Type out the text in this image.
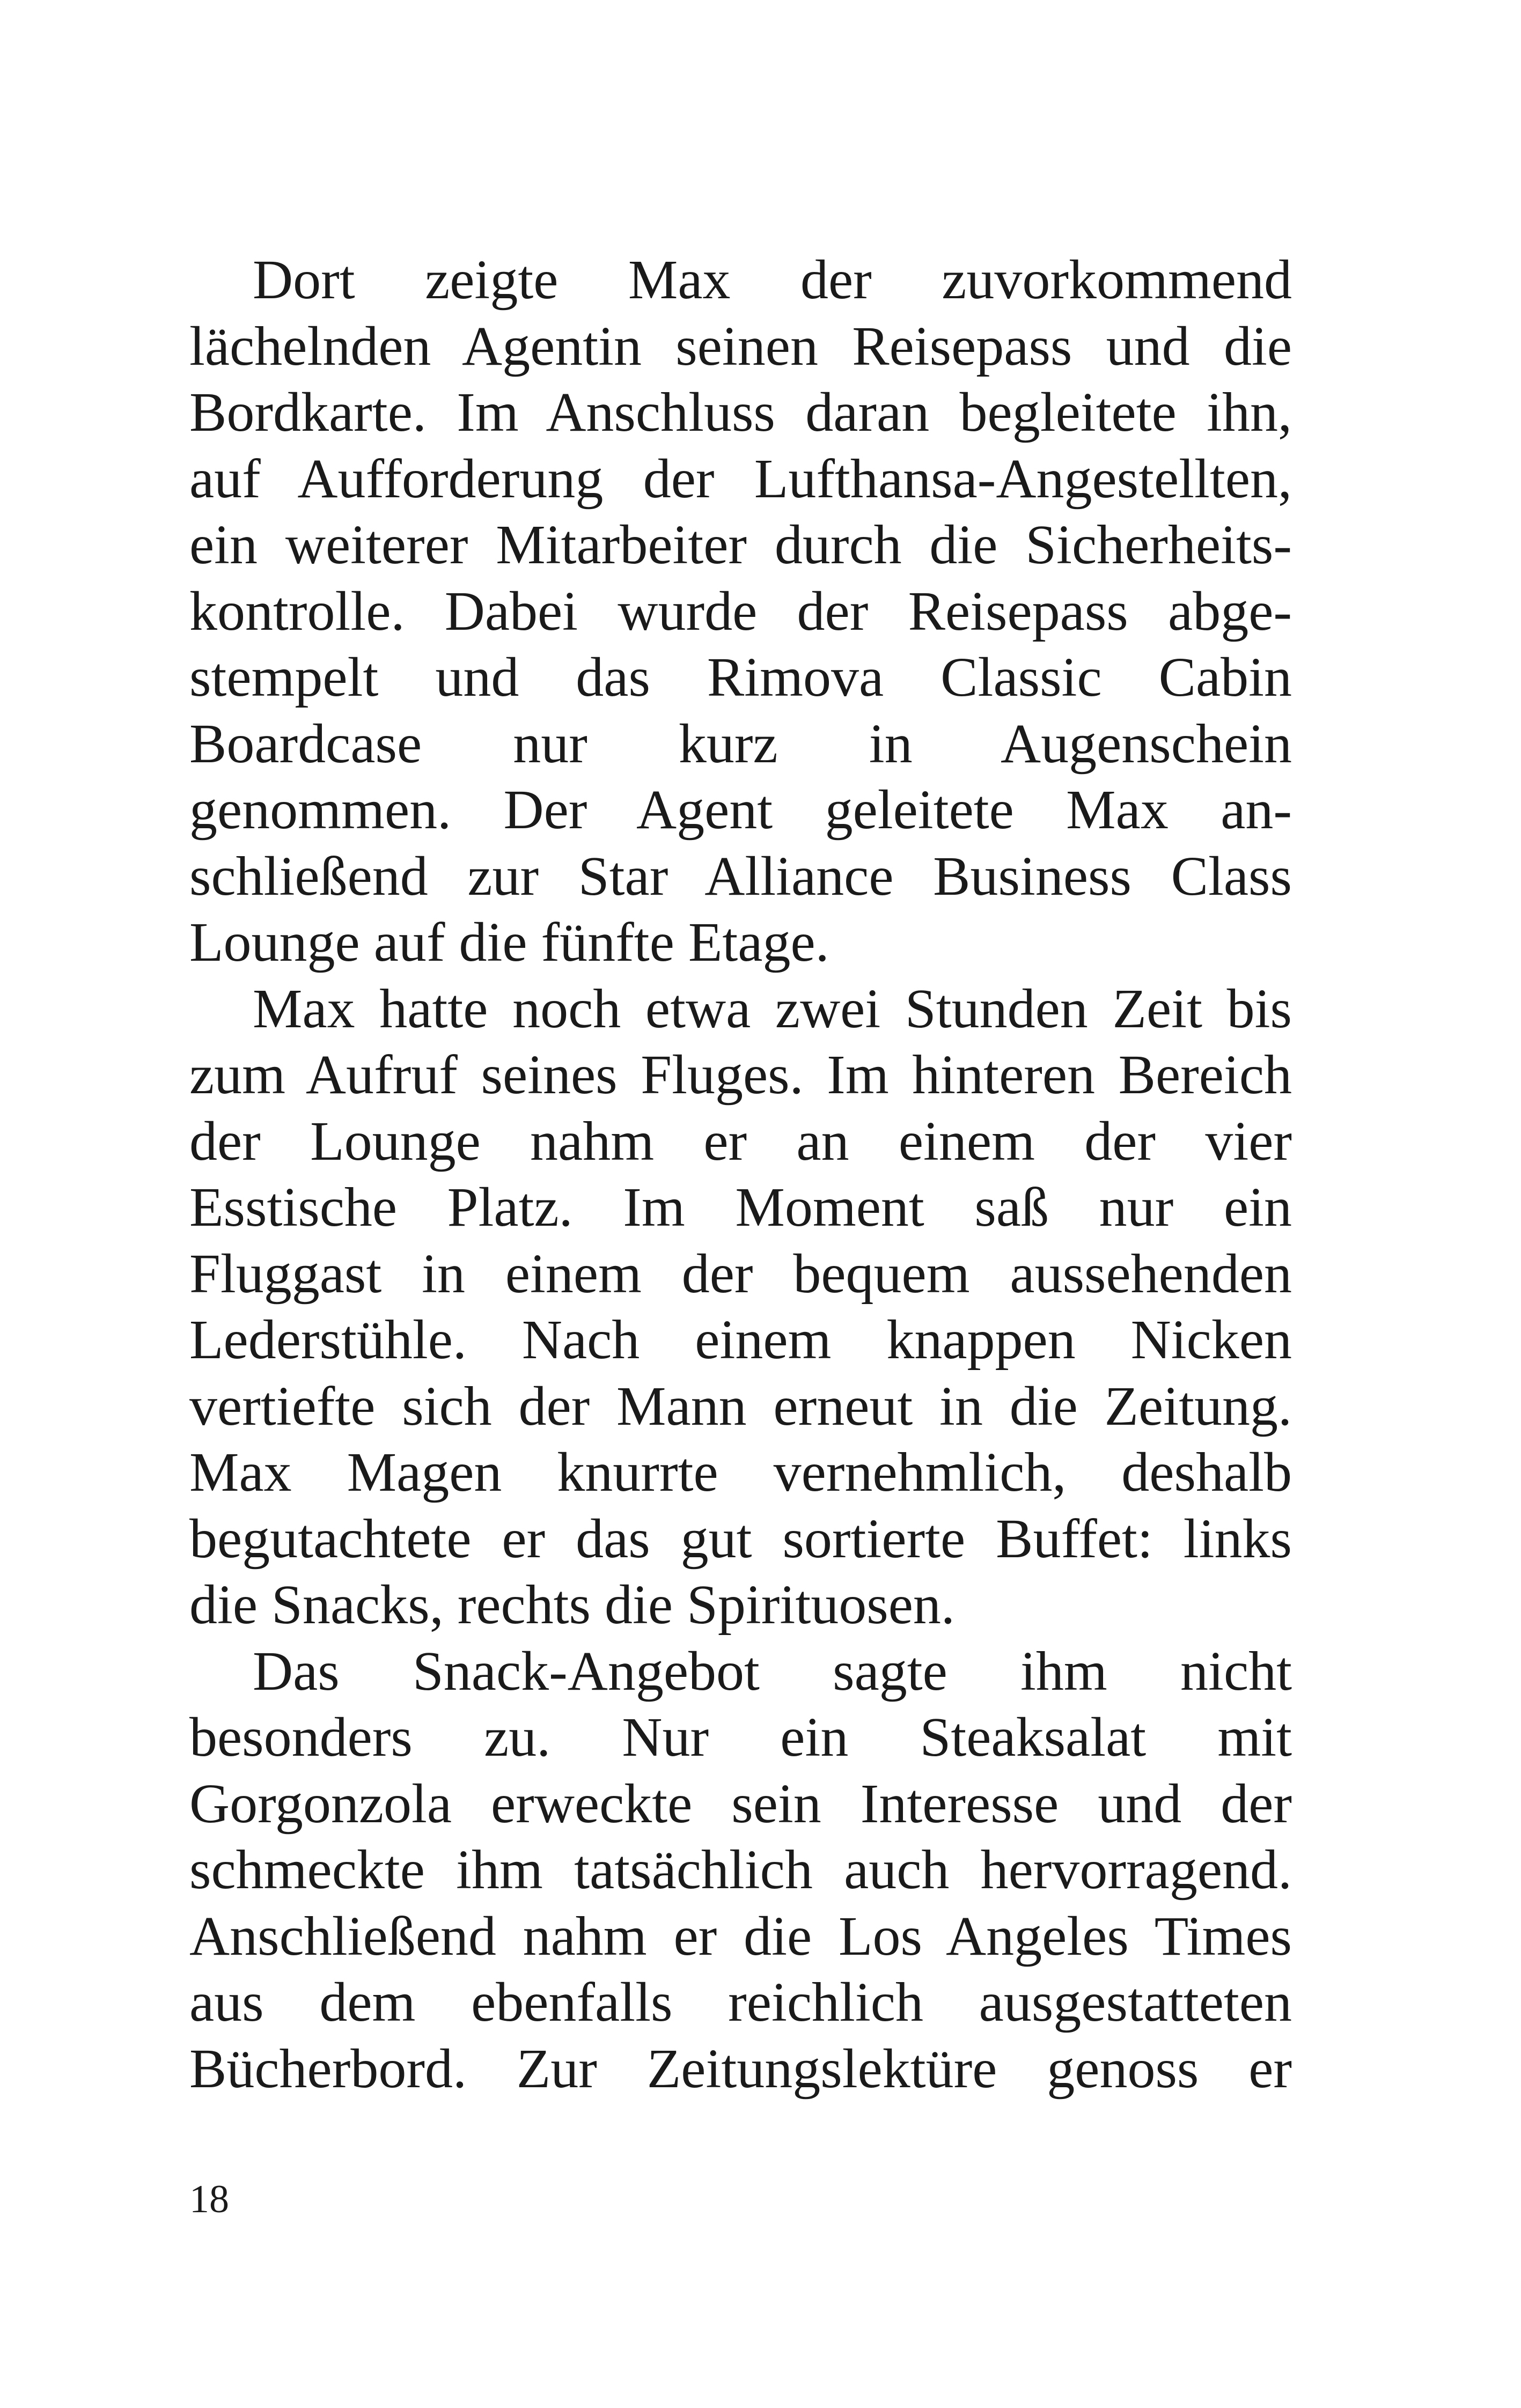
Dort zeigte Max der zuvorkommend
lächelnden Agentin seinen Reisepass und die
Bordkarte. Im Anschluss daran begleitete ihn,
auf Aufforderung der Lufthansa-Angestellten,
ein weiterer Mitarbeiter durch die Sicherheits-
kontrolle. Dabei wurde der Reisepass abge-
stempelt und das Rimova Classic Cabin
Boardcase nur kurz in Augenschein
genommen. Der Agent geleitete Max an-
schließend zur Star Alliance Business Class
Lounge auf die fünfte Etage.
Max hatte noch etwa zwei Stunden Zeit bis
zum Aufruf seines Fluges. Im hinteren Bereich
der Lounge nahm er an einem der vier
Esstische Platz. Im Moment saß nur ein
Fluggast in einem der bequem aussehenden
Lederstühle. Nach einem knappen Nicken
vertiefte sich der Mann erneut in die Zeitung.
Max Magen knurrte vernehmlich, deshalb
begutachtete er das gut sortierte Buffet: links
die Snacks, rechts die Spirituosen.
Das Snack-Angebot sagte ihm nicht
besonders zu. Nur ein Steaksalat mit
Gorgonzola erweckte sein Interesse und der
schmeckte ihm tatsächlich auch hervorragend.
Anschließend nahm er die Los Angeles Times
aus dem ebenfalls reichlich ausgestatteten
Bücherbord. Zur Zeitungslektüre genoss er
18
